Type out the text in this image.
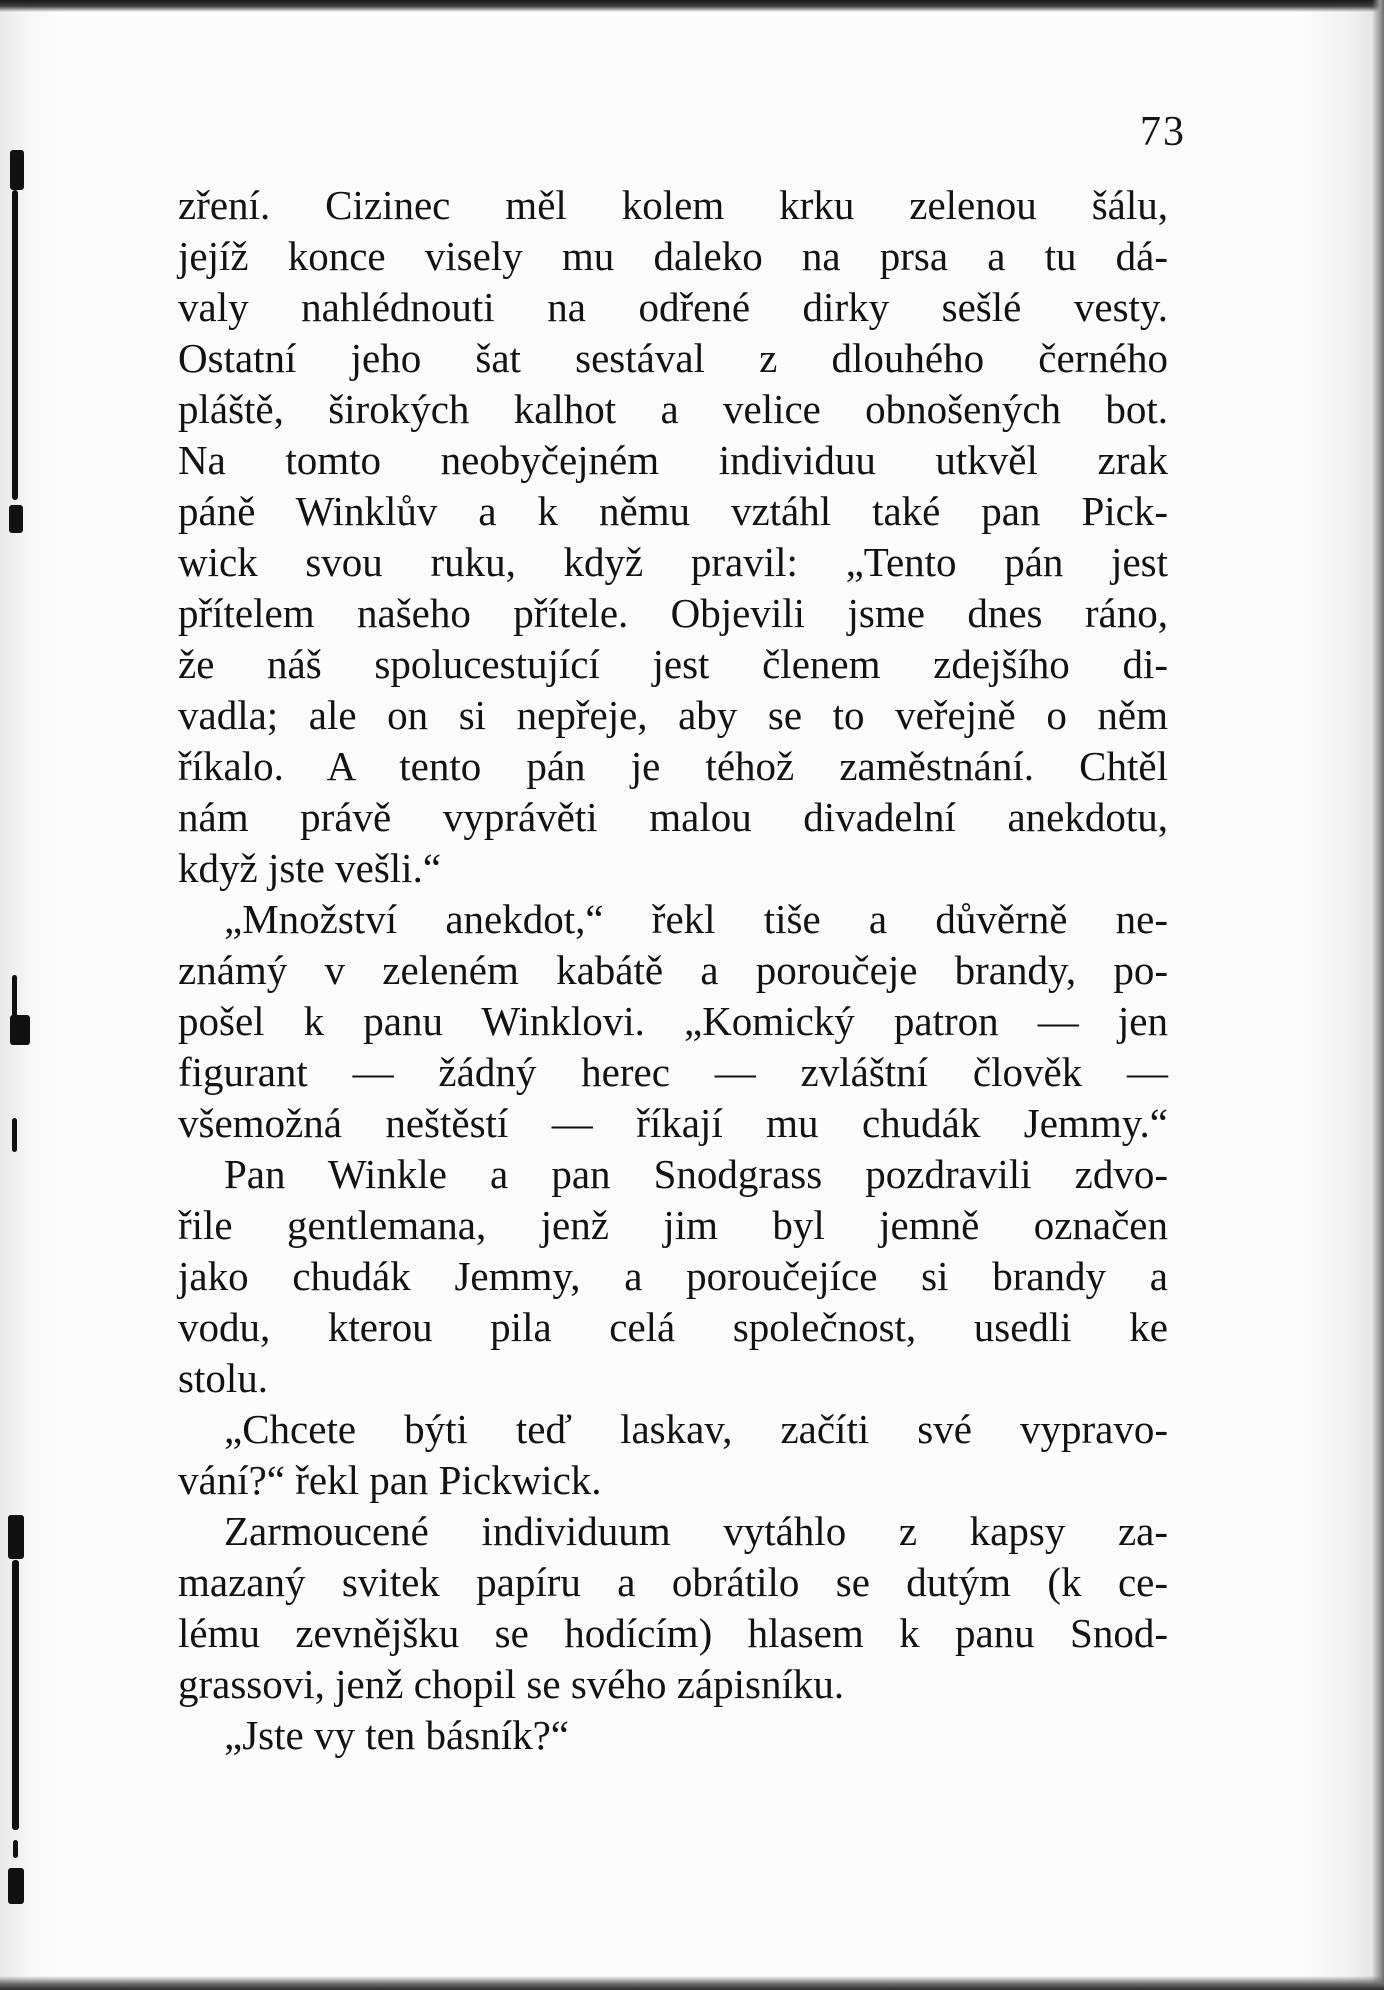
73
zření. Cizinec měl kolem krku zelenou šálu,
jejíž konce visely mu daleko na prsa a tu dá-
valy nahlédnouti na odřené dirky sešlé vesty.
Ostatní jeho šat sestával z dlouhého černého
pláště, širokých kalhot a velice obnošených bot.
Na tomto neobyčejném individuu utkvěl zrak
páně Winklův a k němu vztáhl také pan Pick-
wick svou ruku, když pravil: „Tento pán jest
přítelem našeho přítele. Objevili jsme dnes ráno,
že náš spolucestující jest členem zdejšího di-
vadla; ale on si nepřeje, aby se to veřejně o něm
říkalo. A tento pán je téhož zaměstnání. Chtěl
nám právě vyprávěti malou divadelní anekdotu,
když jste vešli.“
„Množství anekdot,“ řekl tiše a důvěrně ne-
známý v zeleném kabátě a poroučeje brandy, po-
pošel k panu Winklovi. „Komický patron — jen
figurant — žádný herec — zvláštní člověk —
všemožná neštěstí — říkají mu chudák Jemmy.“
Pan Winkle a pan Snodgrass pozdravili zdvo-
řile gentlemana, jenž jim byl jemně označen
jako chudák Jemmy, a poroučejíce si brandy a
vodu, kterou pila celá společnost, usedli ke
stolu.
„Chcete býti teď laskav, začíti své vypravo-
vání?“ řekl pan Pickwick.
Zarmoucené individuum vytáhlo z kapsy za-
mazaný svitek papíru a obrátilo se dutým (k ce-
lému zevnějšku se hodícím) hlasem k panu Snod-
grassovi, jenž chopil se svého zápisníku.
„Jste vy ten básník?“
